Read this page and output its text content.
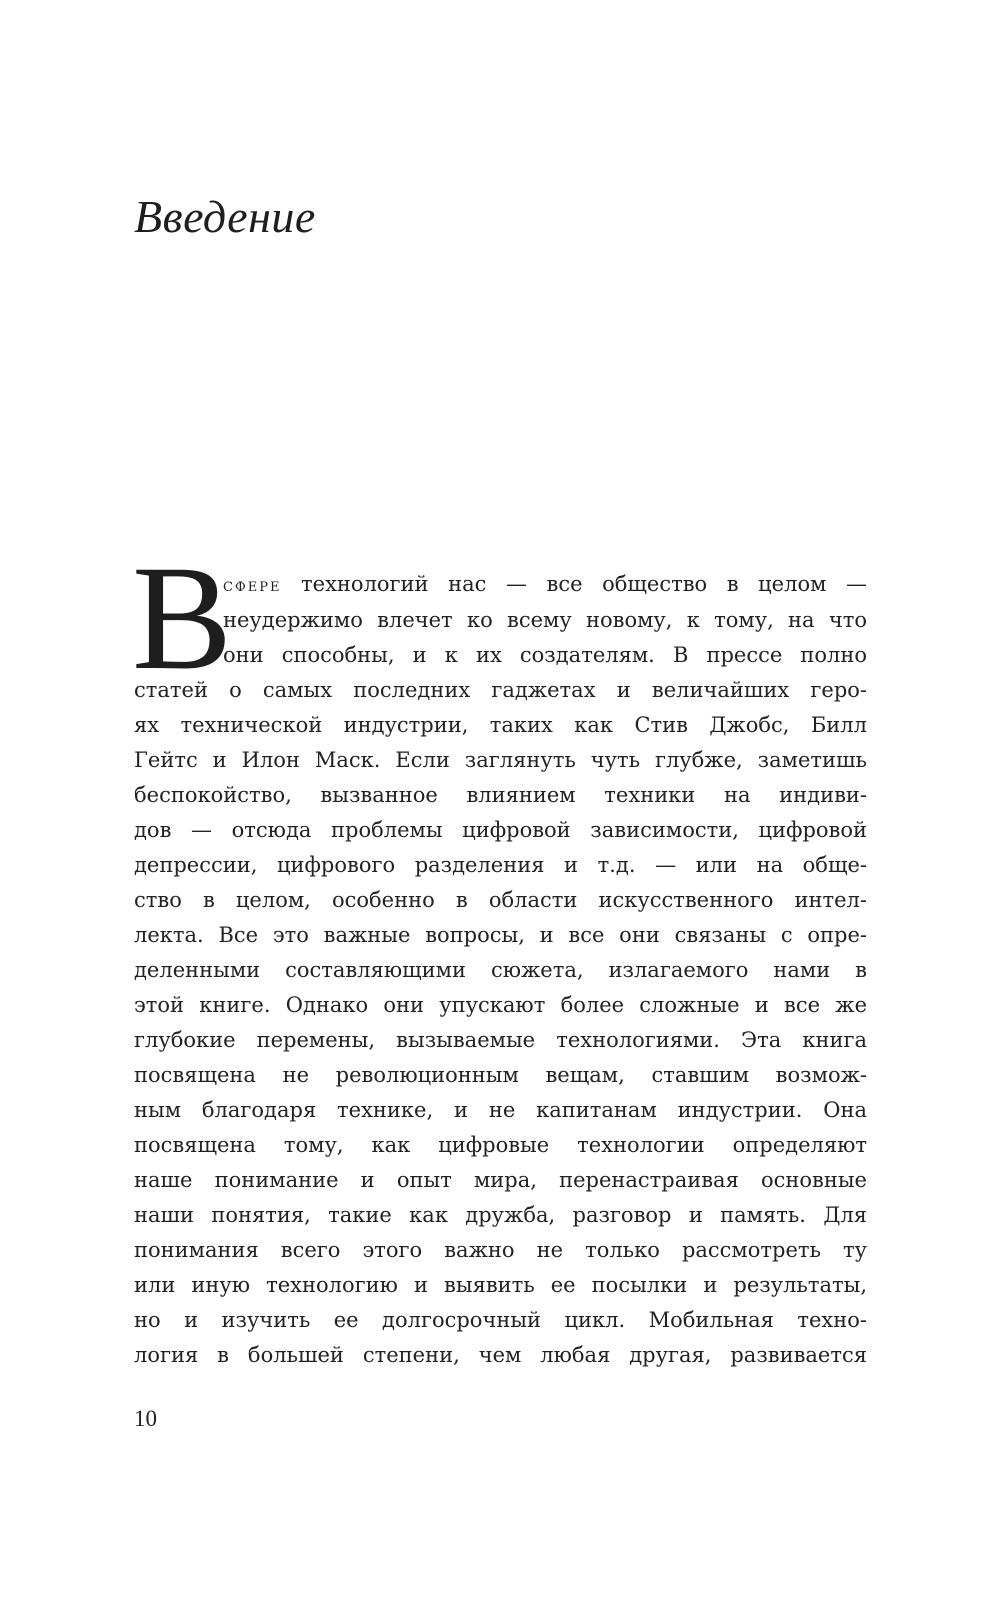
Введение
В
сфере технологий нас — все общество в целом —
неудержимо влечет ко всему новому, к тому, на что
они способны, и к их создателям. В прессе полно
статей о самых последних гаджетах и величайших геро-
ях технической индустрии, таких как Стив Джобс, Билл
Гейтс и Илон Маск. Если заглянуть чуть глубже, заметишь
беспокойство, вызванное влиянием техники на индиви-
дов — отсюда проблемы цифровой зависимости, цифровой
депрессии, цифрового разделения и т.д. — или на обще-
ство в целом, особенно в области искусственного интел-
лекта. Все это важные вопросы, и все они связаны с опре-
деленными составляющими сюжета, излагаемого нами в
этой книге. Однако они упускают более сложные и все же
глубокие перемены, вызываемые технологиями. Эта книга
посвящена не революционным вещам, ставшим возмож-
ным благодаря технике, и не капитанам индустрии. Она
посвящена тому, как цифровые технологии определяют
наше понимание и опыт мира, перенастраивая основные
наши понятия, такие как дружба, разговор и память. Для
понимания всего этого важно не только рассмотреть ту
или иную технологию и выявить ее посылки и результаты,
но и изучить ее долгосрочный цикл. Мобильная техно-
логия в большей степени, чем любая другая, развивается
10
